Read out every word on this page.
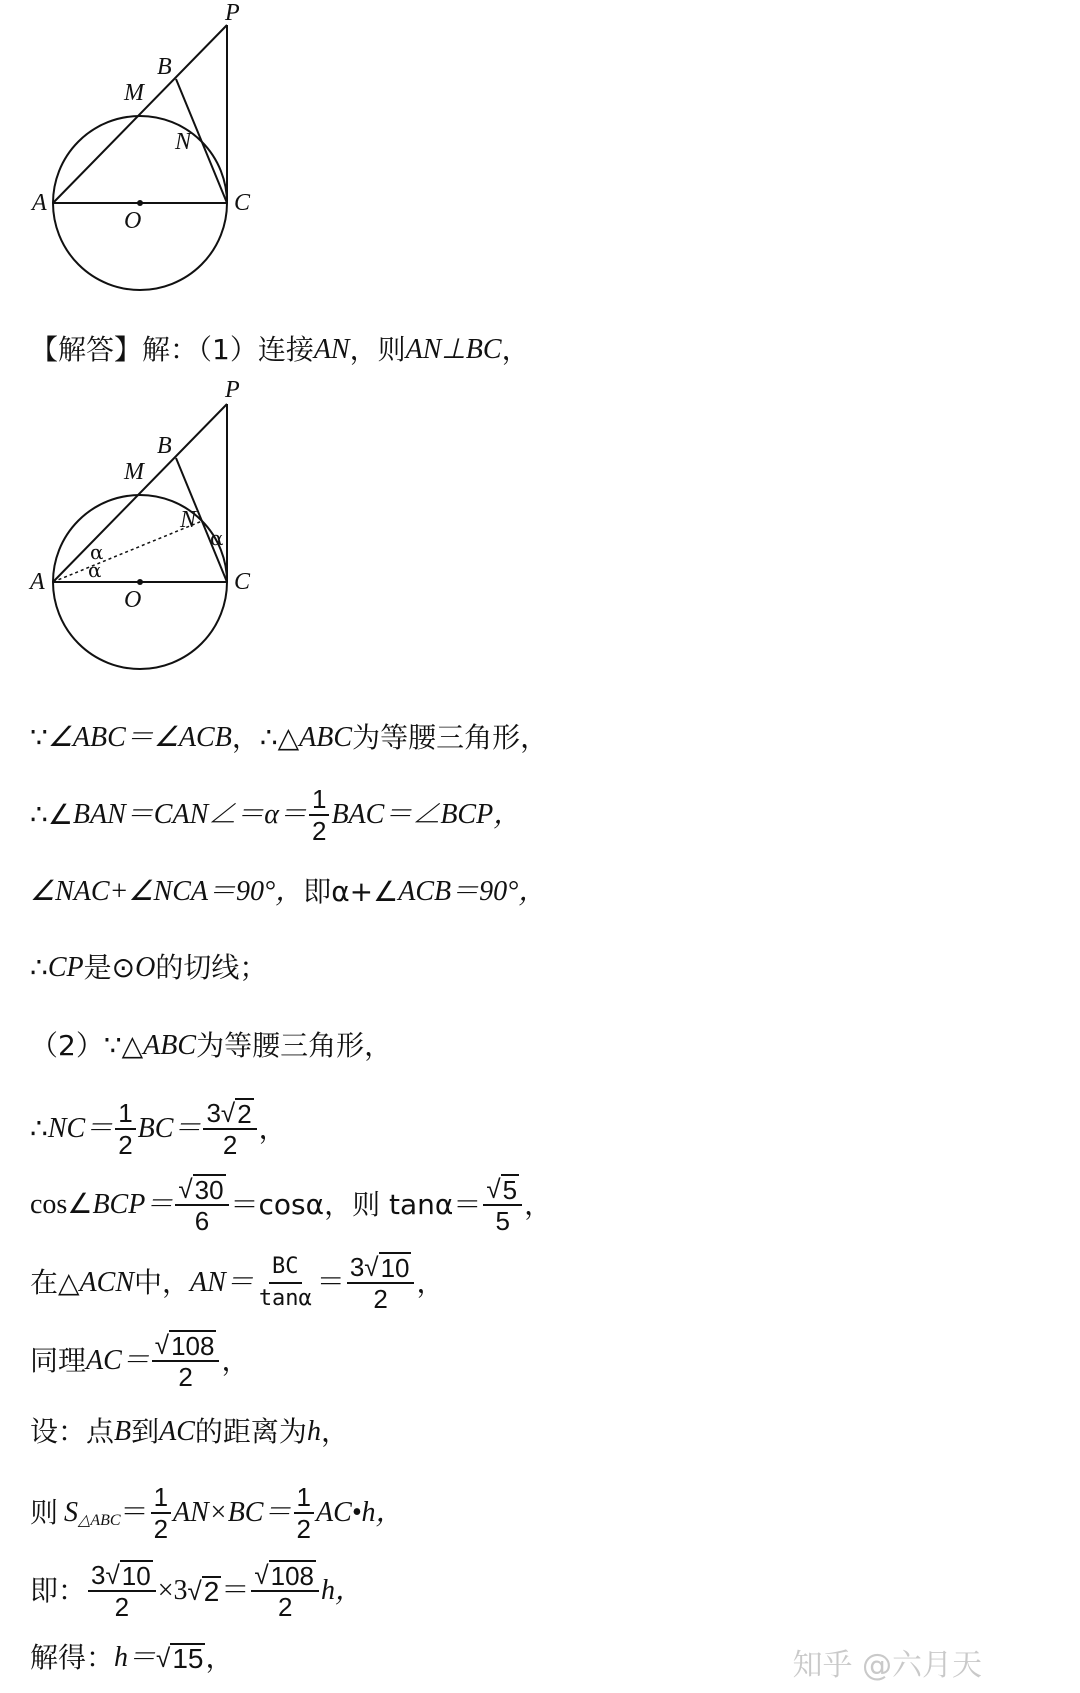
P
B
M
N
A
O
C
【解答】解：（1）连接 AN ，则 AN⊥BC ，
P
B
M
N
A
O
C
α
α
α
∵ ∠ABC＝∠ACB ，∴△ ABC 为等腰三角形，
∴∠ BAN＝CAN∠＝α＝ $\frac{1}{2}$ BAC＝∠BCP，
∠NAC+∠NCA＝90°， 即α+∠ ACB＝90°，
∴ CP 是⊙ O 的切线；
（2）∵△ ABC 为等腰三角形，
∴ $NC= \frac{1}{2} BC= \frac{3 √ 2}{2}$ ，
cos∠ $BCP= \frac{√ 30}{6} =\cos\alpha$，则 $\tan\alpha= \frac{√ 5}{5}$ ，
在△ ACN 中， $AN= \frac{BC}{\tan\alpha} = \frac{3 √ 10}{2}$ ，
同理 $AC= \frac{√ 108}{2}$ ，
设：点 B 到 AC 的距离为 h ，
则 S △ABC ＝ $\frac{1}{2} AN\times BC= \frac{1}{2}$ AC•h，
即： $\frac{3 √ 10}{2} \times 3$ √ $2 = \frac{√ 108}{2}$ h，
解得： h＝ √ 15 ，	知乎 @六月天
